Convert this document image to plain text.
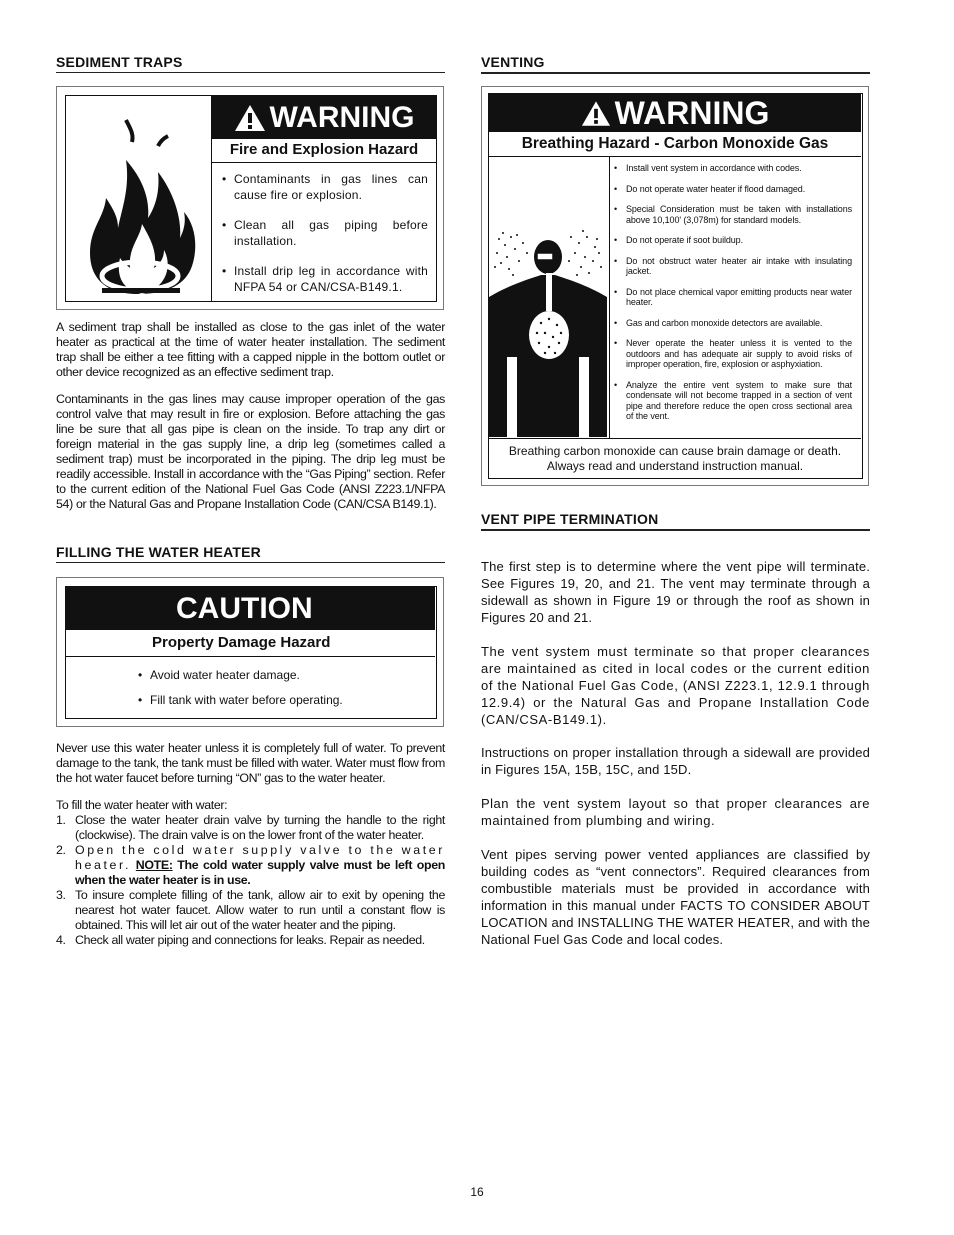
SEDIMENT TRAPS
WARNING
Fire and Explosion Hazard
• Contaminants in gas lines can cause fire or explosion.
• Clean all gas piping before installation.
• Install drip leg in accordance with NFPA 54 or CAN/CSA-B149.1.
A sediment trap shall be installed as close to the gas inlet of the water heater as practical at the time of water heater installation. The sediment trap shall be either a tee fitting with a capped nipple in the bottom outlet or other device recognized as an effective sediment trap.
Contaminants in the gas lines may cause improper operation of the gas control valve that may result in fire or explosion. Before attaching the gas line be sure that all gas pipe is clean on the inside. To trap any dirt or foreign material in the gas supply line, a drip leg (sometimes called a sediment trap) must be incorporated in the piping. The drip leg must be readily accessible. Install in accordance with the “Gas Piping” section. Refer to the current edition of the National Fuel Gas Code (ANSI Z223.1/NFPA 54) or the Natural Gas and Propane Installation Code (CAN/CSA B149.1).
FILLING THE WATER HEATER
CAUTION
Property Damage Hazard
• Avoid water heater damage.
• Fill tank with water before operating.
Never use this water heater unless it is completely full of water. To prevent damage to the tank, the tank must be filled with water. Water must flow from the hot water faucet before turning “ON” gas to the water heater.
To fill the water heater with water:
1. Close the water heater drain valve by turning the handle to the right (clockwise). The drain valve is on the lower front of the water heater.
2. Open the cold water supply valve to the water heater. NOTE: The cold water supply valve must be left open when the water heater is in use.
3. To insure complete filling of the tank, allow air to exit by opening the nearest hot water faucet. Allow water to run until a constant flow is obtained. This will let air out of the water heater and the piping.
4. Check all water piping and connections for leaks. Repair as needed.
VENTING
WARNING
Breathing Hazard - Carbon Monoxide Gas
• Install vent system in accordance with codes.
• Do not operate water heater if flood damaged.
• Special Consideration must be taken with installations above 10,100' (3,078m) for standard models.
• Do not operate if soot buildup.
• Do not obstruct water heater air intake with insulating jacket.
• Do not place chemical vapor emitting products near water heater.
• Gas and carbon monoxide detectors are available.
• Never operate the heater unless it is vented to the outdoors and has adequate air supply to avoid risks of improper operation, fire, explosion or asphyxiation.
• Analyze the entire vent system to make sure that condensate will not become trapped in a section of vent pipe and therefore reduce the open cross sectional area of the vent.
Breathing carbon monoxide can cause brain damage or death.
Always read and understand instruction manual.
VENT PIPE TERMINATION
The first step is to determine where the vent pipe will terminate. See Figures 19, 20, and 21. The vent may terminate through a sidewall as shown in Figure 19 or through the roof as shown in Figures 20 and 21.
The vent system must terminate so that proper clearances are maintained as cited in local codes or the current edition of the National Fuel Gas Code, (ANSI Z223.1, 12.9.1 through 12.9.4) or the Natural Gas and Propane Installation Code (CAN/CSA-B149.1).
Instructions on proper installation through a sidewall are provided in Figures 15A, 15B, 15C, and 15D.
Plan the vent system layout so that proper clearances are maintained from plumbing and wiring.
Vent pipes serving power vented appliances are classified by building codes as “vent connectors”. Required clearances from combustible materials must be provided in accordance with information in this manual under FACTS TO CONSIDER ABOUT LOCATION and INSTALLING THE WATER HEATER, and with the National Fuel Gas Code and local codes.
16
